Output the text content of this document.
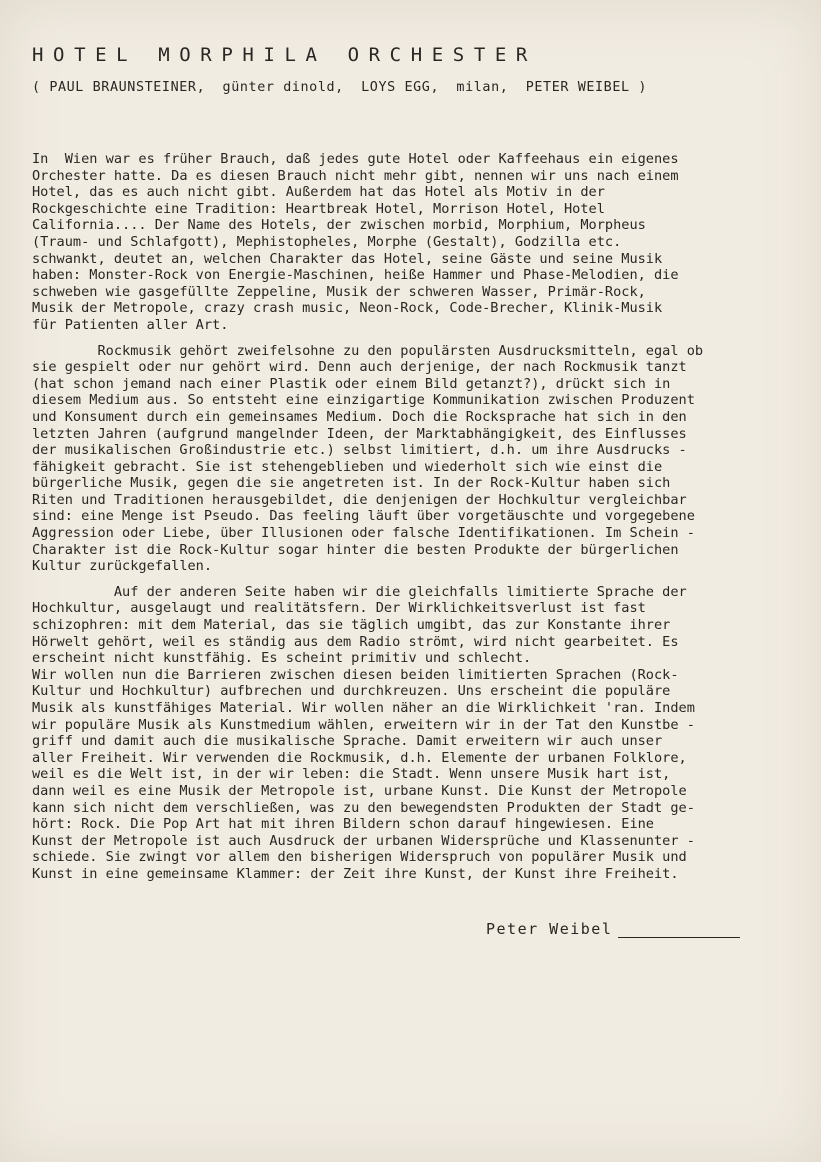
HOTEL MORPHILA ORCHESTER

( PAUL BRAUNSTEINER,  günter dinold,  LOYS EGG,  milan,  PETER WEIBEL )

In  Wien war es früher Brauch, daß jedes gute Hotel oder Kaffeehaus ein eigenes
Orchester hatte. Da es diesen Brauch nicht mehr gibt, nennen wir uns nach einem
Hotel, das es auch nicht gibt. Außerdem hat das Hotel als Motiv in der
Rockgeschichte eine Tradition: Heartbreak Hotel, Morrison Hotel, Hotel
California.... Der Name des Hotels, der zwischen morbid, Morphium, Morpheus
(Traum- und Schlafgott), Mephistopheles, Morphe (Gestalt), Godzilla etc.
schwankt, deutet an, welchen Charakter das Hotel, seine Gäste und seine Musik
haben: Monster-Rock von Energie-Maschinen, heiße Hammer und Phase-Melodien, die
schweben wie gasgefüllte Zeppeline, Musik der schweren Wasser, Primär-Rock,
Musik der Metropole, crazy crash music, Neon-Rock, Code-Brecher, Klinik-Musik
für Patienten aller Art.

Rockmusik gehört zweifelsohne zu den populärsten Ausdrucksmitteln, egal ob
sie gespielt oder nur gehört wird. Denn auch derjenige, der nach Rockmusik tanzt
(hat schon jemand nach einer Plastik oder einem Bild getanzt?), drückt sich in
diesem Medium aus. So entsteht eine einzigartige Kommunikation zwischen Produzent
und Konsument durch ein gemeinsames Medium. Doch die Rocksprache hat sich in den
letzten Jahren (aufgrund mangelnder Ideen, der Marktabhängigkeit, des Einflusses
der musikalischen Großindustrie etc.) selbst limitiert, d.h. um ihre Ausdrucks -
fähigkeit gebracht. Sie ist stehengeblieben und wiederholt sich wie einst die
bürgerliche Musik, gegen die sie angetreten ist. In der Rock-Kultur haben sich
Riten und Traditionen herausgebildet, die denjenigen der Hochkultur vergleichbar
sind: eine Menge ist Pseudo. Das feeling läuft über vorgetäuschte und vorgegebene
Aggression oder Liebe, über Illusionen oder falsche Identifikationen. Im Schein -
Charakter ist die Rock-Kultur sogar hinter die besten Produkte der bürgerlichen
Kultur zurückgefallen.

Auf der anderen Seite haben wir die gleichfalls limitierte Sprache der
Hochkultur, ausgelaugt und realitätsfern. Der Wirklichkeitsverlust ist fast
schizophren: mit dem Material, das sie täglich umgibt, das zur Konstante ihrer
Hörwelt gehört, weil es ständig aus dem Radio strömt, wird nicht gearbeitet. Es
erscheint nicht kunstfähig. Es scheint primitiv und schlecht.
Wir wollen nun die Barrieren zwischen diesen beiden limitierten Sprachen (Rock-
Kultur und Hochkultur) aufbrechen und durchkreuzen. Uns erscheint die populäre
Musik als kunstfähiges Material. Wir wollen näher an die Wirklichkeit 'ran. Indem
wir populäre Musik als Kunstmedium wählen, erweitern wir in der Tat den Kunstbe -
griff und damit auch die musikalische Sprache. Damit erweitern wir auch unser
aller Freiheit. Wir verwenden die Rockmusik, d.h. Elemente der urbanen Folklore,
weil es die Welt ist, in der wir leben: die Stadt. Wenn unsere Musik hart ist,
dann weil es eine Musik der Metropole ist, urbane Kunst. Die Kunst der Metropole
kann sich nicht dem verschließen, was zu den bewegendsten Produkten der Stadt ge-
hört: Rock. Die Pop Art hat mit ihren Bildern schon darauf hingewiesen. Eine
Kunst der Metropole ist auch Ausdruck der urbanen Widersprüche und Klassenunter -
schiede. Sie zwingt vor allem den bisherigen Widerspruch von populärer Musik und
Kunst in eine gemeinsame Klammer: der Zeit ihre Kunst, der Kunst ihre Freiheit.

Peter Weibel
